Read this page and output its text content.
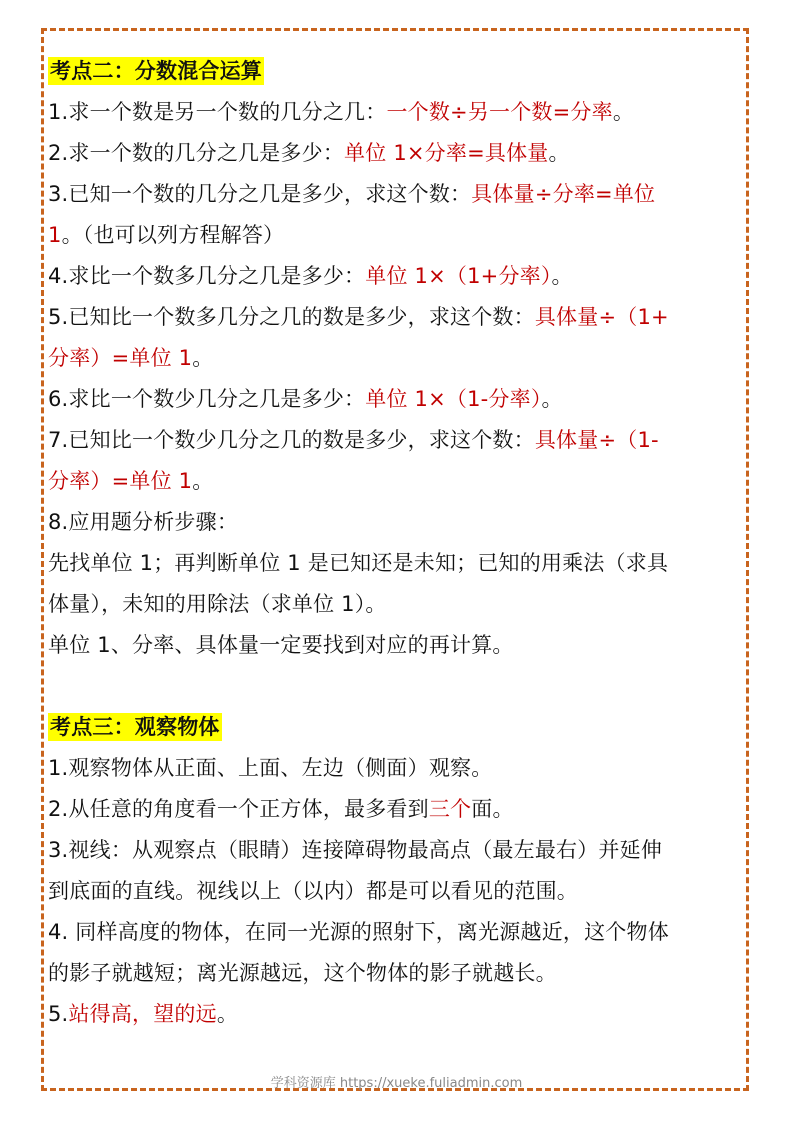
考点二：分数混合运算
1.求一个数是另一个数的几分之几：一个数÷另一个数=分率。
2.求一个数的几分之几是多少：单位 1×分率=具体量。
3.已知一个数的几分之几是多少，求这个数：具体量÷分率=单位
1。（也可以列方程解答）
4.求比一个数多几分之几是多少：单位 1×（1+分率）。
5.已知比一个数多几分之几的数是多少，求这个数：具体量÷（1+
分率）=单位 1。
6.求比一个数少几分之几是多少：单位 1×（1-分率）。
7.已知比一个数少几分之几的数是多少，求这个数：具体量÷（1-
分率）=单位 1。
8.应用题分析步骤：
先找单位 1；再判断单位 1 是已知还是未知；已知的用乘法（求具
体量），未知的用除法（求单位 1）。
单位 1、分率、具体量一定要找到对应的再计算。
考点三：观察物体
1.观察物体从正面、上面、左边（侧面）观察。
2.从任意的角度看一个正方体，最多看到三个面。
3.视线：从观察点（眼睛）连接障碍物最高点（最左最右）并延伸
到底面的直线。视线以上（以内）都是可以看见的范围。
4. 同样高度的物体，在同一光源的照射下，离光源越近，这个物体
的影子就越短；离光源越远，这个物体的影子就越长。
5.站得高，望的远。
学科资源库 https://xueke.fuliadmin.com
